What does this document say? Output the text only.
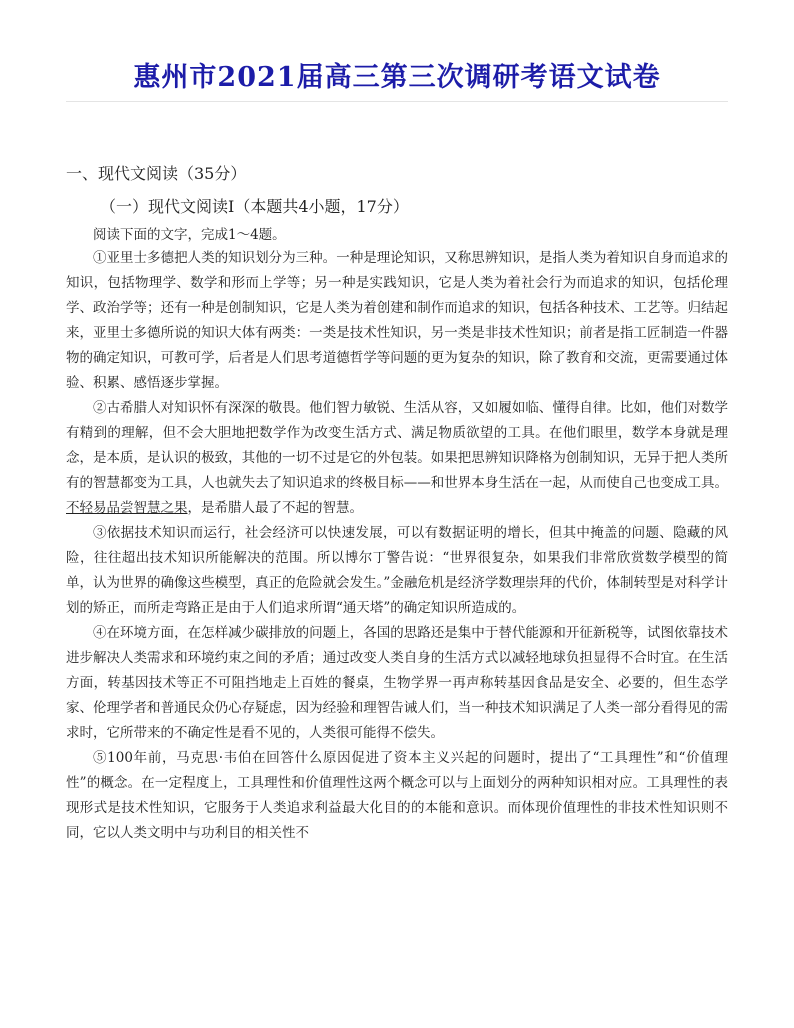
惠州市2021届高三第三次调研考语文试卷
一、现代文阅读（35分）
（一）现代文阅读Ⅰ（本题共4小题，17分）
阅读下面的文字，完成1～4题。

①亚里士多德把人类的知识划分为三种。一种是理论知识，又称思辨知识，是指人类为着知识自身而追求的知识，包括物理学、数学和形而上学等；另一种是实践知识，它是人类为着社会行为而追求的知识，包括伦理学、政治学等；还有一种是创制知识，它是人类为着创建和制作而追求的知识，包括各种技术、工艺等。归结起来，亚里士多德所说的知识大体有两类：一类是技术性知识，另一类是非技术性知识；前者是指工匠制造一件器物的确定知识，可教可学，后者是人们思考道德哲学等问题的更为复杂的知识，除了教育和交流，更需要通过体验、积累、感悟逐步掌握。

②古希腊人对知识怀有深深的敬畏。他们智力敏锐、生活从容，又如履如临、懂得自律。比如，他们对数学有精到的理解，但不会大胆地把数学作为改变生活方式、满足物质欲望的工具。在他们眼里，数学本身就是理念，是本质，是认识的极致，其他的一切不过是它的外包装。如果把思辨知识降格为创制知识，无异于把人类所有的智慧都变为工具，人也就失去了知识追求的终极目标——和世界本身生活在一起，从而使自己也变成工具。不轻易品尝智慧之果，是希腊人最了不起的智慧。

③依据技术知识而运行，社会经济可以快速发展，可以有数据证明的增长，但其中掩盖的问题、隐藏的风险，往往超出技术知识所能解决的范围。所以博尔丁警告说：“世界很复杂，如果我们非常欣赏数学模型的简单，认为世界的确像这些模型，真正的危险就会发生。”金融危机是经济学数理崇拜的代价，体制转型是对科学计划的矫正，而所走弯路正是由于人们追求所谓“通天塔”的确定知识所造成的。

④在环境方面，在怎样减少碳排放的问题上，各国的思路还是集中于替代能源和开征新税等，试图依靠技术进步解决人类需求和环境约束之间的矛盾；通过改变人类自身的生活方式以减轻地球负担显得不合时宜。在生活方面，转基因技术等正不可阻挡地走上百姓的餐桌，生物学界一再声称转基因食品是安全、必要的，但生态学家、伦理学者和普通民众仍心存疑虑，因为经验和理智告诫人们，当一种技术知识满足了人类一部分看得见的需求时，它所带来的不确定性是看不见的，人类很可能得不偿失。

⑤100年前，马克思·韦伯在回答什么原因促进了资本主义兴起的问题时，提出了“工具理性”和“价值理性”的概念。在一定程度上，工具理性和价值理性这两个概念可以与上面划分的两种知识相对应。工具理性的表现形式是技术性知识，它服务于人类追求利益最大化目的的本能和意识。而体现价值理性的非技术性知识则不同，它以人类文明中与功利目的相关性不
